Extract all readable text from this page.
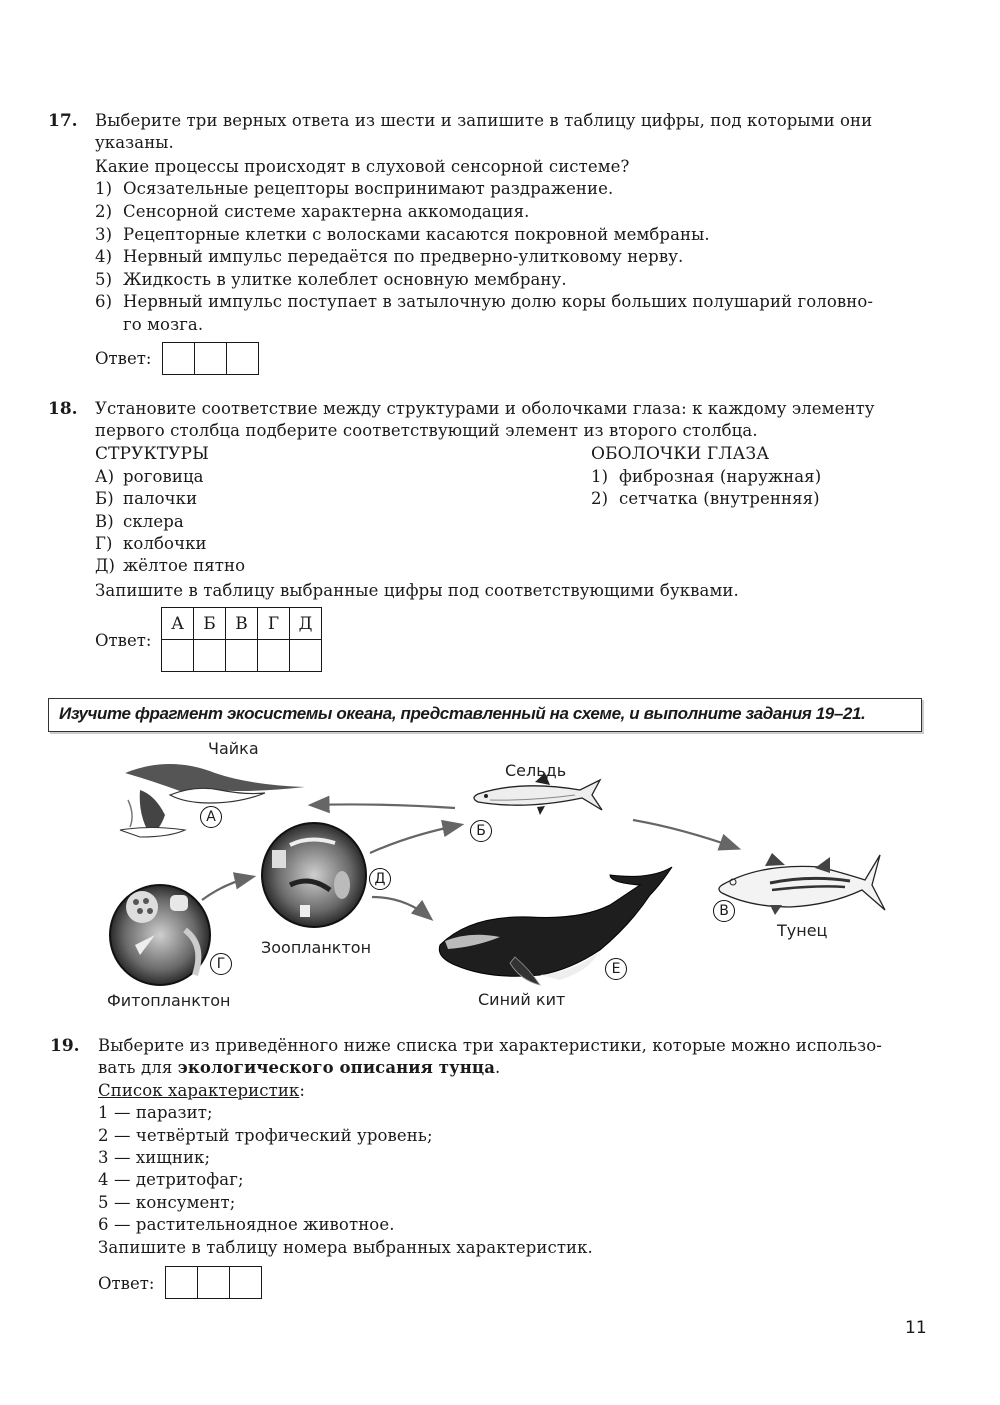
17. Выберите три верных ответа из шести и запишите в таблицу цифры, под которыми они
указаны.
Какие процессы происходят в слуховой сенсорной системе?
1) Осязательные рецепторы воспринимают раздражение.
2) Сенсорной системе характерна аккомодация.
3) Рецепторные клетки с волосками касаются покровной мембраны.
4) Нервный импульс передаётся по предверно-улитковому нерву.
5) Жидкость в улитке колеблет основную мембрану.
6) Нервный импульс поступает в затылочную долю коры больших полушарий головно-
го мозга.
Ответ:

18. Установите соответствие между структурами и оболочками глаза: к каждому элементу
первого столбца подберите соответствующий элемент из второго столбца.
СТРУКТУРЫ
А) роговица
Б) палочки
В) склера
Г) колбочки
Д) жёлтое пятно
ОБОЛОЧКИ ГЛАЗА
1) фиброзная (наружная)
2) сетчатка (внутренняя)
Запишите в таблицу выбранные цифры под соответствующими буквами.
Ответ:
А	Б	В	Г	Д

Изучите фрагмент экосистемы океана, представленный на схеме, и выполните задания 19–21.
Чайка
Сельдь
Тунец
Фитопланктон
Зоопланктон
Синий кит
А
Б
В
Г
Д
Е
19. Выберите из приведённого ниже списка три характеристики, которые можно использо-
вать для экологического описания тунца.
Список характеристик:
1 — паразит;
2 — четвёртый трофический уровень;
3 — хищник;
4 — детритофаг;
5 — консумент;
6 — растительноядное животное.
Запишите в таблицу номера выбранных характеристик.
Ответ:

11
